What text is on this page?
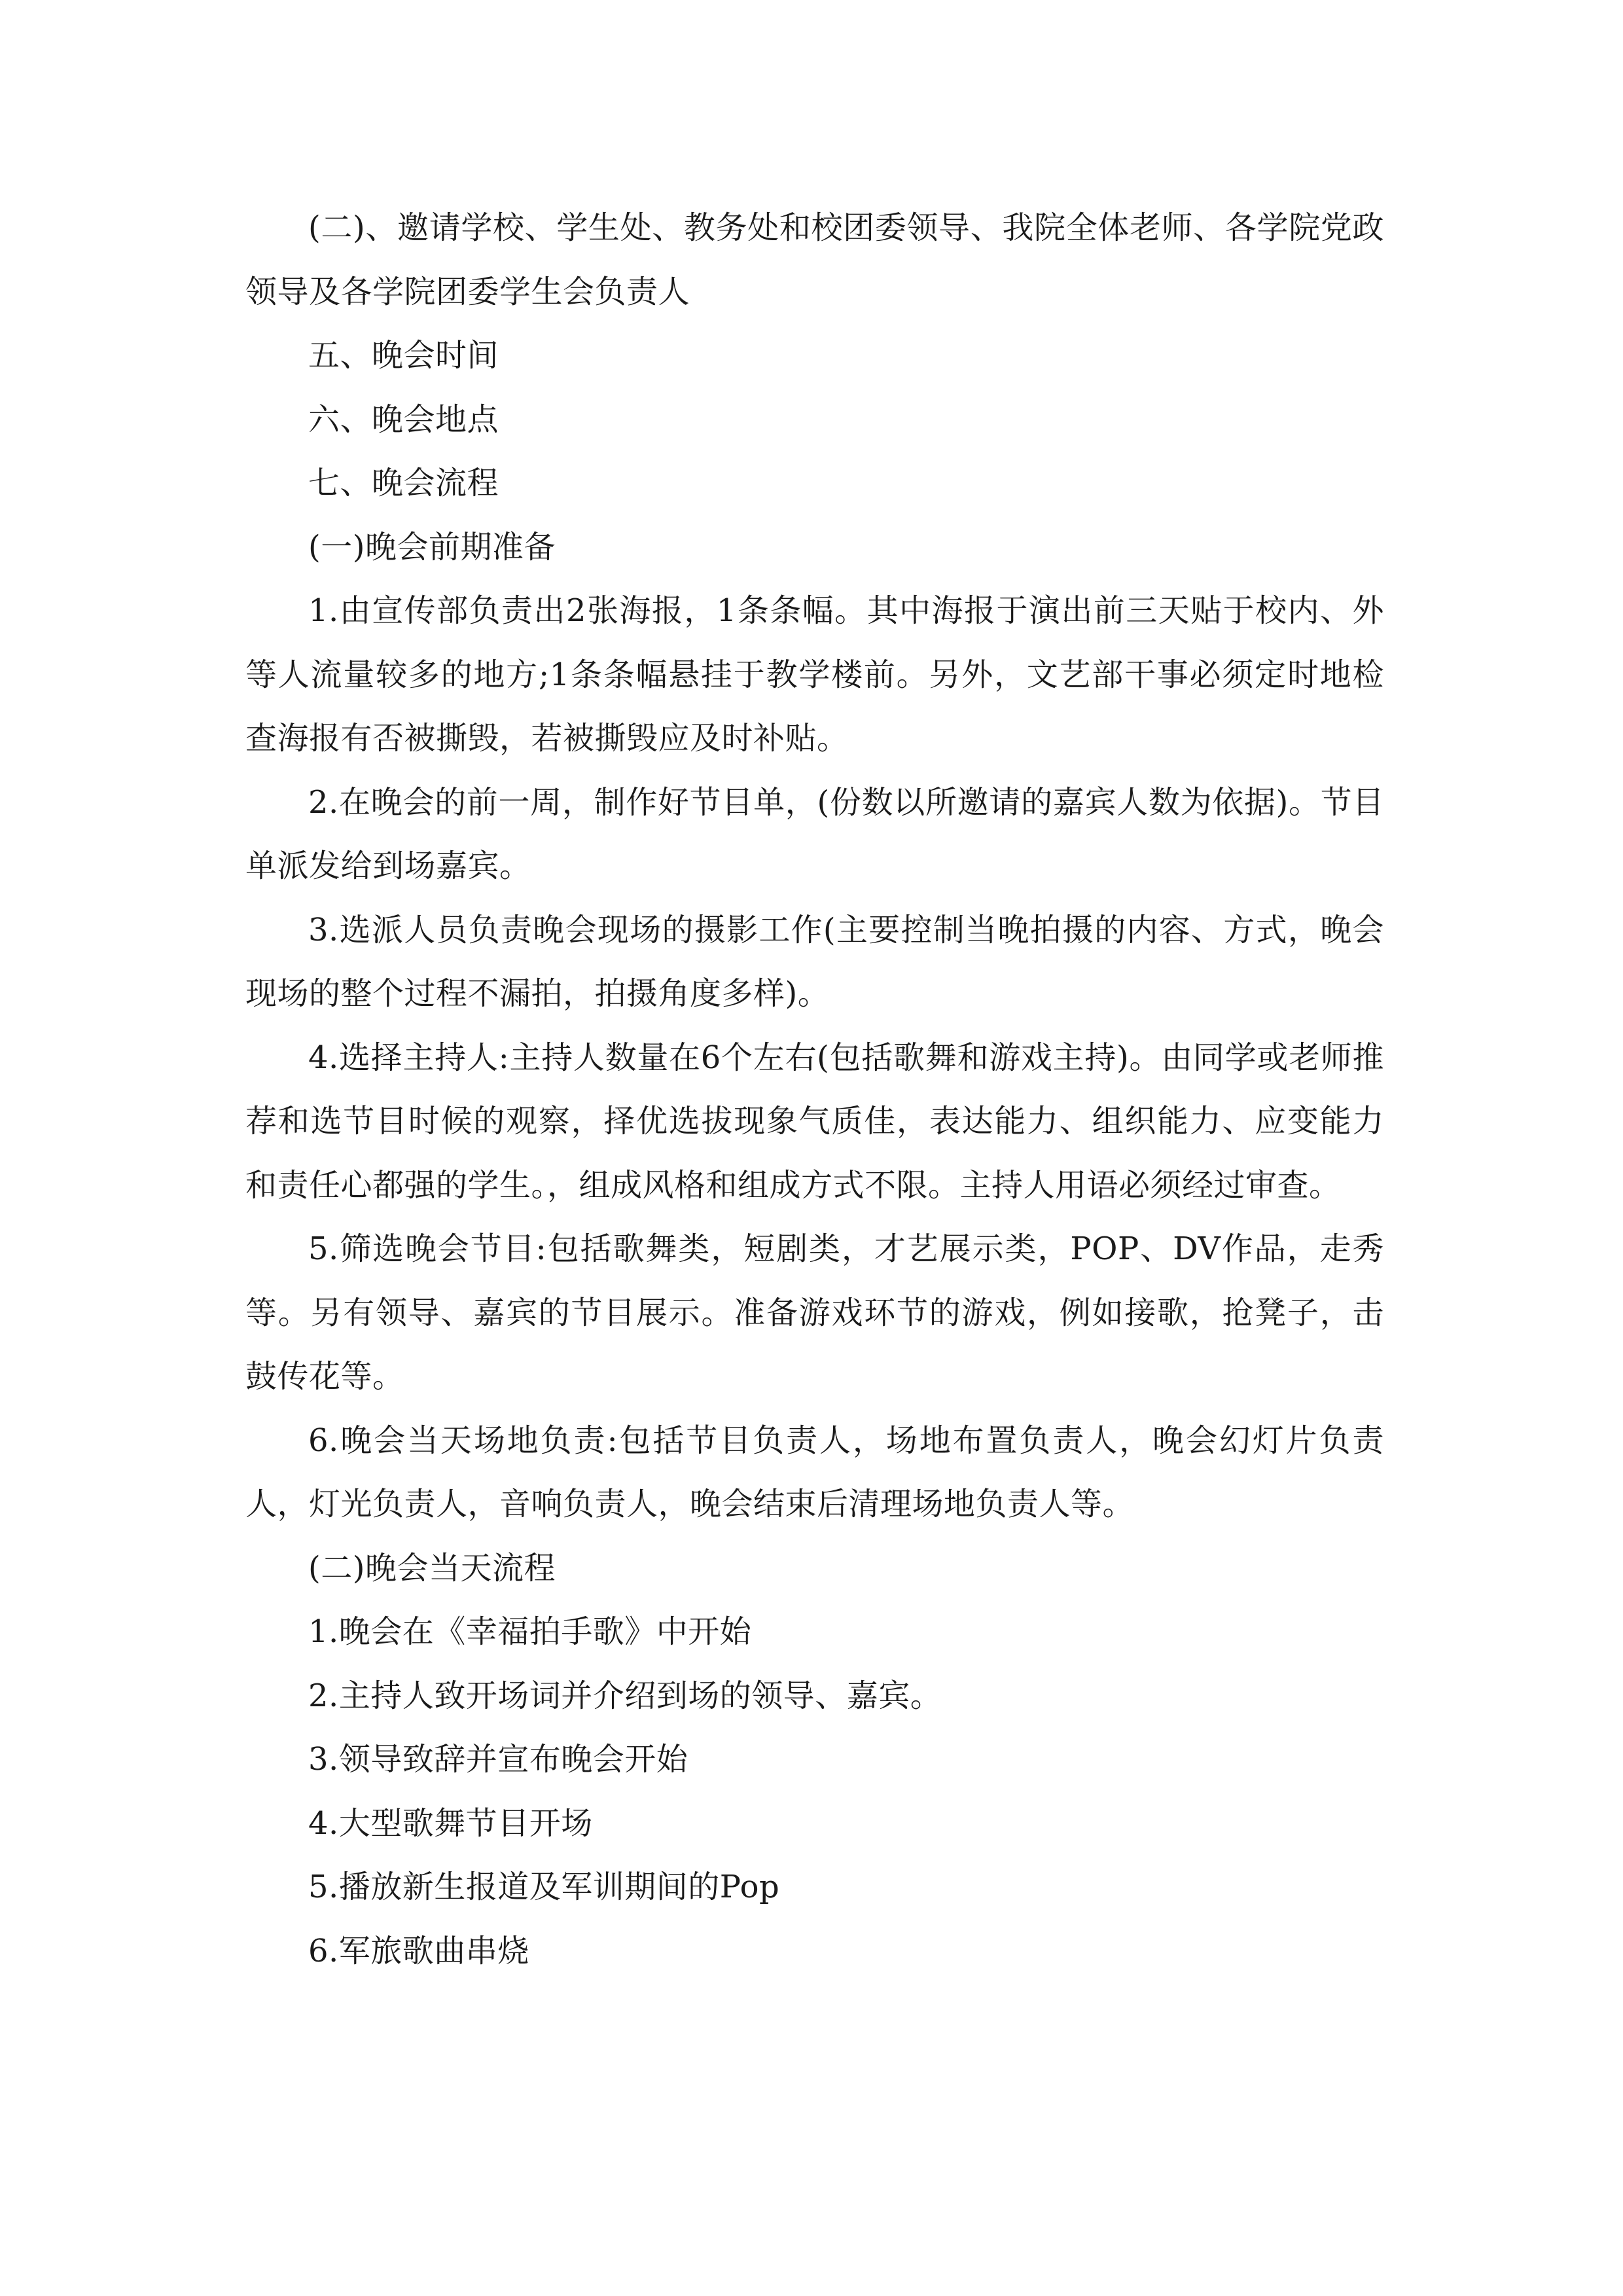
(二)、邀请学校、学生处、教务处和校团委领导、我院全体老师、各学院党政领导及各学院团委学生会负责人

五、晚会时间

六、晚会地点

七、晚会流程

(一)晚会前期准备

1.由宣传部负责出2张海报，1条条幅。其中海报于演出前三天贴于校内、外等人流量较多的地方;1条条幅悬挂于教学楼前。另外，文艺部干事必须定时地检查海报有否被撕毁，若被撕毁应及时补贴。

2.在晚会的前一周，制作好节目单，(份数以所邀请的嘉宾人数为依据)。节目单派发给到场嘉宾。

3.选派人员负责晚会现场的摄影工作(主要控制当晚拍摄的内容、方式，晚会现场的整个过程不漏拍，拍摄角度多样)。

4.选择主持人:主持人数量在6个左右(包括歌舞和游戏主持)。由同学或老师推荐和选节目时候的观察，择优选拔现象气质佳，表达能力、组织能力、应变能力和责任心都强的学生。，组成风格和组成方式不限。主持人用语必须经过审查。

5.筛选晚会节目:包括歌舞类，短剧类，才艺展示类，POP、DV作品，走秀等。另有领导、嘉宾的节目展示。准备游戏环节的游戏，例如接歌，抢凳子，击鼓传花等。

6.晚会当天场地负责:包括节目负责人，场地布置负责人，晚会幻灯片负责人，灯光负责人，音响负责人，晚会结束后清理场地负责人等。

(二)晚会当天流程

1.晚会在《幸福拍手歌》中开始

2.主持人致开场词并介绍到场的领导、嘉宾。

3.领导致辞并宣布晚会开始

4.大型歌舞节目开场

5.播放新生报道及军训期间的Pop

6.军旅歌曲串烧
